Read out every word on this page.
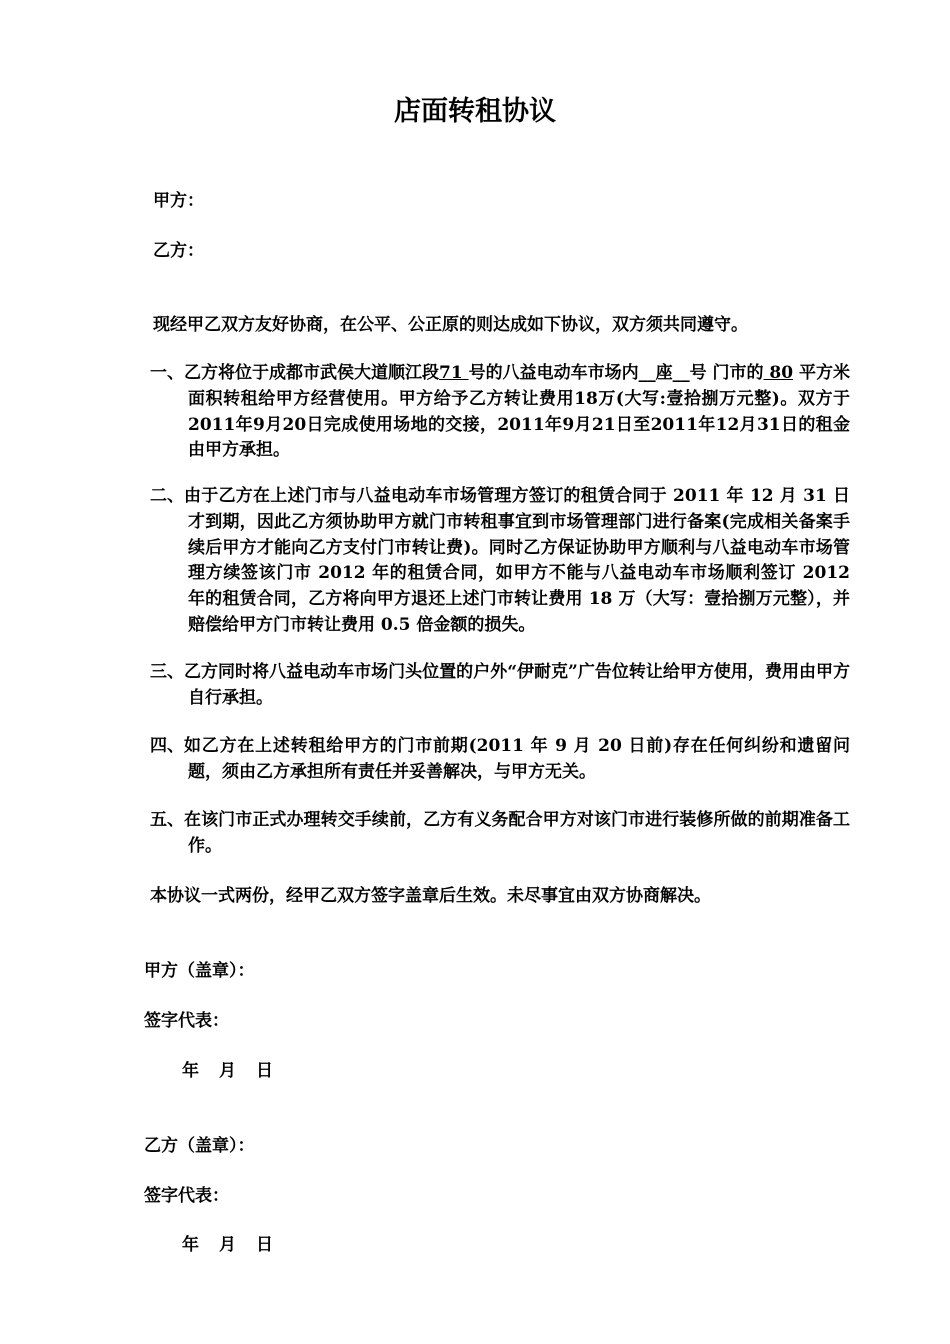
店面转租协议
甲方：
乙方：
现经甲乙双方友好协商，在公平、公正原的则达成如下协议，双方须共同遵守。
一、 乙方将位于成都市武侯大道顺江段71 号的八益电动车市场内__座__号 门市的 80 平方米面积转租给甲方经营使用。甲方给予乙方转让费用18万(大写:壹拾捌万元整)。双方于2011年9月20日完成使用场地的交接，2011年9月21日至2011年12月31日的租金由甲方承担。
二、 由于乙方在上述门市与八益电动车市场管理方签订的租赁合同于 2011 年 12 月 31 日才到期，因此乙方须协助甲方就门市转租事宜到市场管理部门进行备案(完成相关备案手续后甲方才能向乙方支付门市转让费)。同时乙方保证协助甲方顺利与八益电动车市场管理方续签该门市 2012 年的租赁合同，如甲方不能与八益电动车市场顺利签订 2012 年的租赁合同，乙方将向甲方退还上述门市转让费用 18 万（大写：壹拾捌万元整），并赔偿给甲方门市转让费用 0.5 倍金额的损失。
三、 乙方同时将八益电动车市场门头位置的户外“伊耐克”广告位转让给甲方使用，费用由甲方自行承担。
四、 如乙方在上述转租给甲方的门市前期(2011 年 9 月 20 日前)存在任何纠纷和遗留问题，须由乙方承担所有责任并妥善解决，与甲方无关。
五、 在该门市正式办理转交手续前，乙方有义务配合甲方对该门市进行装修所做的前期准备工作。
本协议一式两份，经甲乙双方签字盖章后生效。未尽事宜由双方协商解决。
甲方（盖章）：
签字代表：
年 月 日
乙方（盖章）：
签字代表：
年 月 日
